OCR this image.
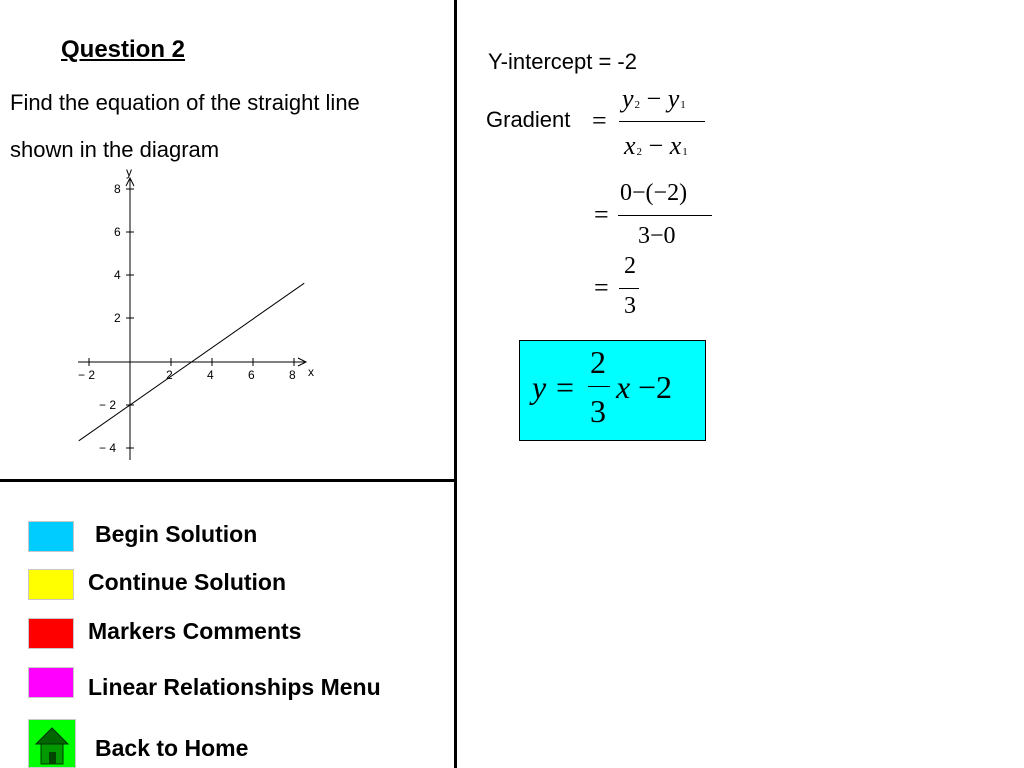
Question 2
Find the equation of the straight line
shown in the diagram
y
x
− 2	2	4	6	8
8
6
4
2
− 2
− 4
Y-intercept = -2
Gradient =
y2 − y1
x2 − x1
=
0−(−2)
3−0
=
2
3
y =
2
3
x −2
Begin Solution
Continue Solution
Markers Comments
Linear Relationships Menu
Back to Home
